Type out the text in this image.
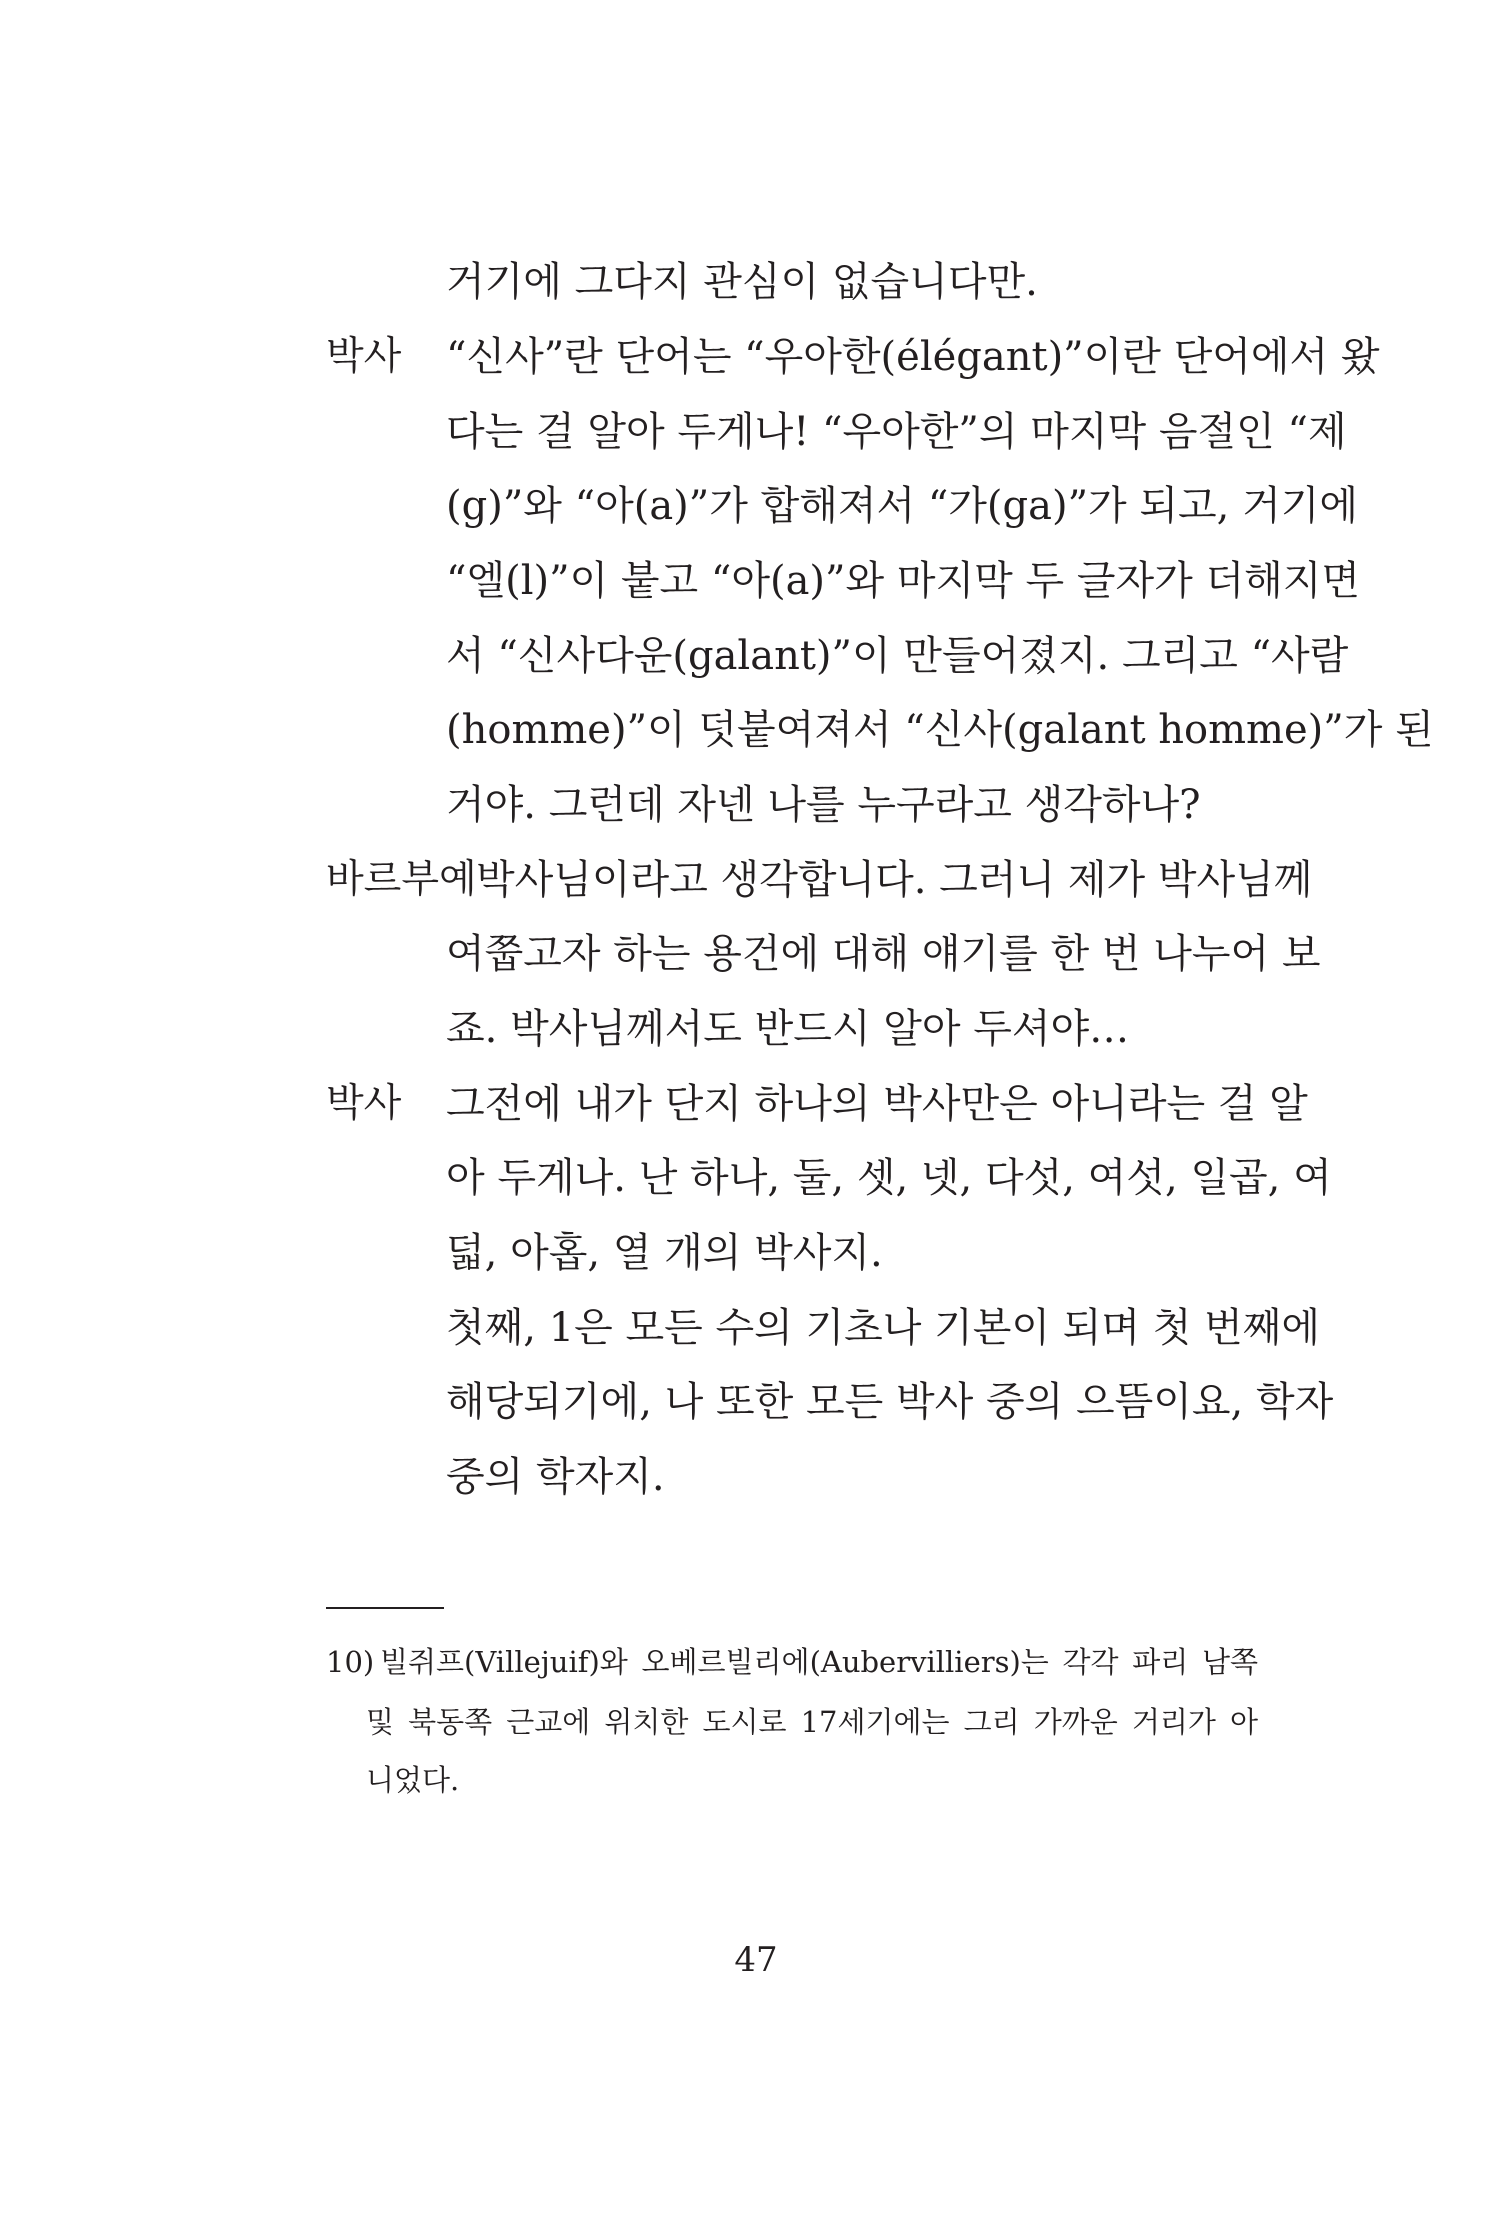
거기에 그다지 관심이 없습니다만.
박사 “신사”란 단어는 “우아한(élégant)”이란 단어에서 왔
다는 걸 알아 두게나! “우아한”의 마지막 음절인 “제
(g)”와 “아(a)”가 합해져서 “가(ga)”가 되고, 거기에
“엘(l)”이 붙고 “아(a)”와 마지막 두 글자가 더해지면
서 “신사다운(galant)”이 만들어졌지. 그리고 “사람
(homme)”이 덧붙여져서 “신사(galant homme)”가 된
거야. 그런데 자넨 나를 누구라고 생각하나?
바르부예 박사님이라고 생각합니다. 그러니 제가 박사님께
여쭙고자 하는 용건에 대해 얘기를 한 번 나누어 보
죠. 박사님께서도 반드시 알아 두셔야…
박사 그전에 내가 단지 하나의 박사만은 아니라는 걸 알
아 두게나. 난 하나, 둘, 셋, 넷, 다섯, 여섯, 일곱, 여
덟, 아홉, 열 개의 박사지.
첫째, 1은 모든 수의 기초나 기본이 되며 첫 번째에
해당되기에, 나 또한 모든 박사 중의 으뜸이요, 학자
중의 학자지.
10) 빌쥐프(Villejuif)와 오베르빌리에(Aubervilliers)는 각각 파리 남쪽
및 북동쪽 근교에 위치한 도시로 17세기에는 그리 가까운 거리가 아
니었다.
47
